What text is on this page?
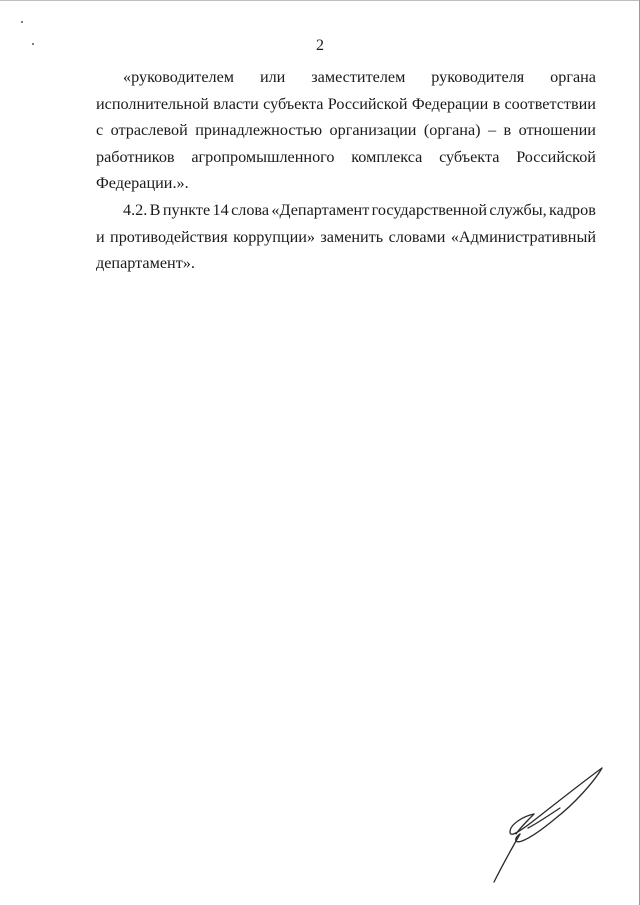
2
«руководителем или заместителем руководителя органа
исполнительной власти субъекта Российской Федерации в соответствии
с отраслевой принадлежностью организации (органа) – в отношении
работников агропромышленного комплекса субъекта Российской
Федерации.».
4.2. В пункте 14 слова «Департамент государственной службы, кадров
и противодействия коррупции» заменить словами «Административный
департамент».
